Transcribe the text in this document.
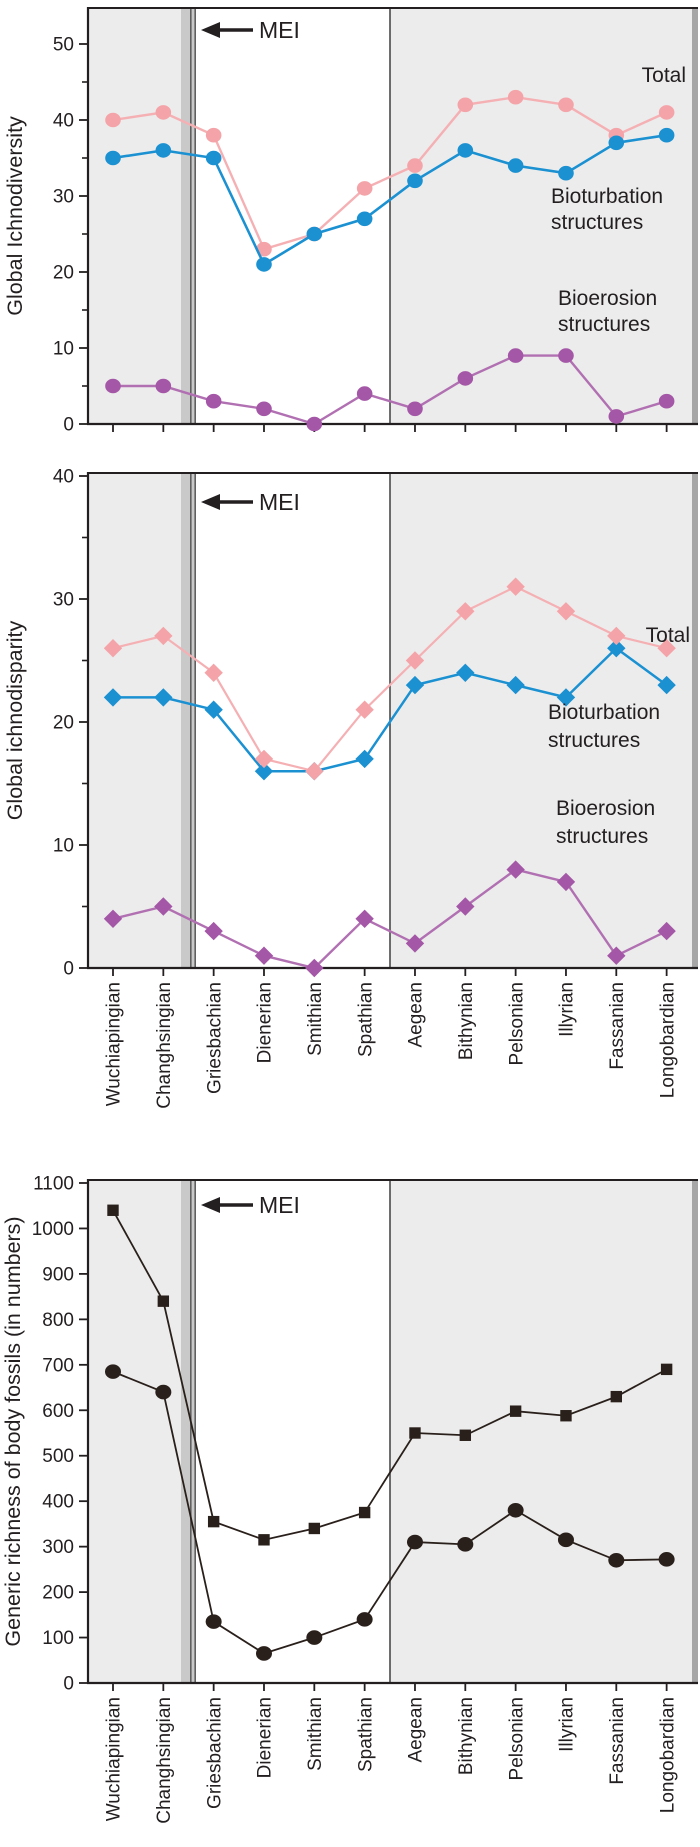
0
10
20
30
40
50
Global Ichnodiversity
Total
Bioturbation
structures
Bioerosion
structures
MEI
0
10
20
30
40
Wuchiapingian Changhsingian Griesbachian Dienerian Smithian Spathian Aegean Bithynian Pelsonian Illyrian Fassanian Longobardian
Global ichnodisparity	Total
Bioturbation
structures
Bioerosion
structures
MEI
0
100
200
300
400
500
600
700
800
900
1000
1100
Wuchiapingian Changhsingian Griesbachian Dienerian Smithian Spathian Aegean Bithynian Pelsonian Illyrian Fassanian Longobardian
Generic richness of body fossils (in numbers)
MEI
